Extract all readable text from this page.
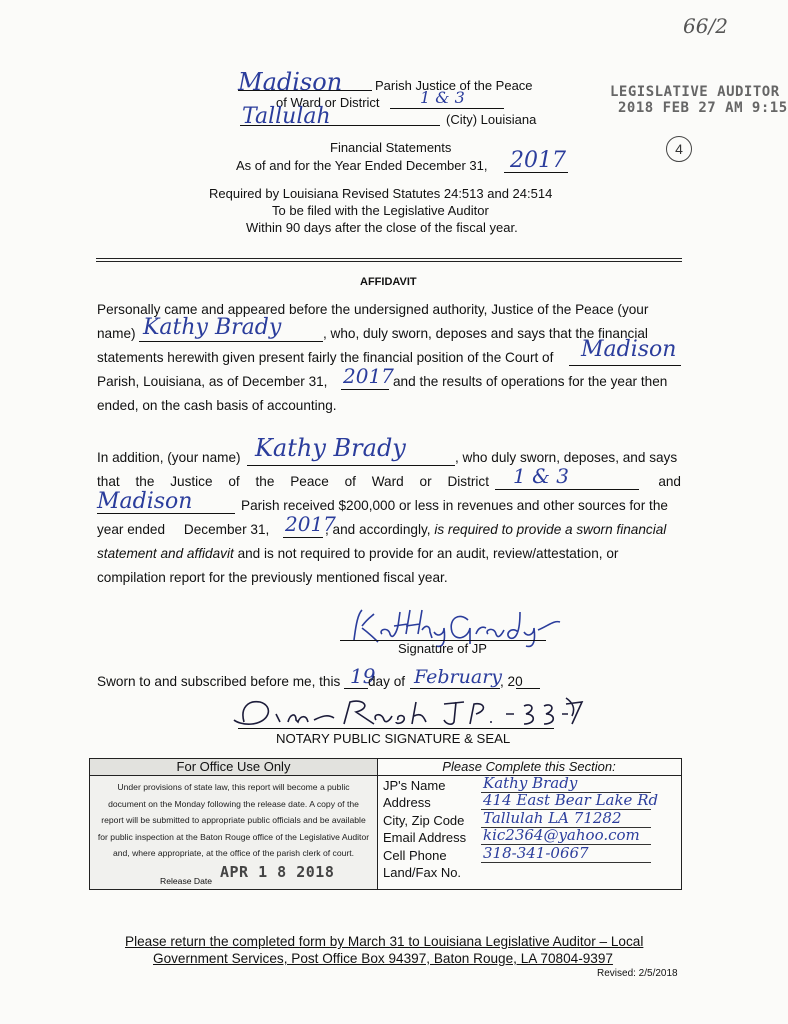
66/2
LEGISLATIVE AUDITOR
2018 FEB 27 AM 9:15
4
Madison	Parish Justice of the Peace
of Ward or District	1 & 3
Tallulah	(City) Louisiana
Financial Statements
As of and for the Year Ended December 31, 2017
Required by Louisiana Revised Statutes 24:513 and 24:514
To be filed with the Legislative Auditor
Within 90 days after the close of the fiscal year.
AFFIDAVIT
Personally came and appeared before the undersigned authority, Justice of the Peace (your
name) Kathy Brady	, who, duly sworn, deposes and says that the financial
statements herewith given present fairly the financial position of the Court of Madison
Parish, Louisiana, as of December 31, 2017 and the results of operations for the year then
ended, on the cash basis of accounting.
In addition, (your name) Kathy Brady	, who duly sworn, deposes, and says
that the Justice of the Peace of Ward or District 1 & 3	and
Madison	Parish received $200,000 or less in revenues and other sources for the
year ended     December 31, 2017
, and accordingly, is required to provide a sworn financial
statement and affidavit and is not required to provide for an audit, review/attestation, or
compilation report for the previously mentioned fiscal year.
Signature of JP
Sworn to and subscribed before me, this 19
day of February
, 20
NOTARY PUBLIC SIGNATURE & SEAL
For Office Use Only
Under provisions of state law, this report will become a public
document on the Monday following the release date. A copy of the
report will be submitted to appropriate public officials and be available
for public inspection at the Baton Rouge office of the Legislative Auditor
and, where appropriate, at the office of the parish clerk of court.
Release Date APR 1 8 2018
Please Complete this Section:
JP's Name	Kathy Brady
Address	414 East Bear Lake Rd
City, Zip Code Tallulah LA 71282
Email Address kic2364@yahoo.com
Cell Phone 318-341-0667
Land/Fax No.
Please return the completed form by March 31 to Louisiana Legislative Auditor – Local
Government Services, Post Office Box 94397, Baton Rouge, LA 70804-9397
Revised: 2/5/2018
